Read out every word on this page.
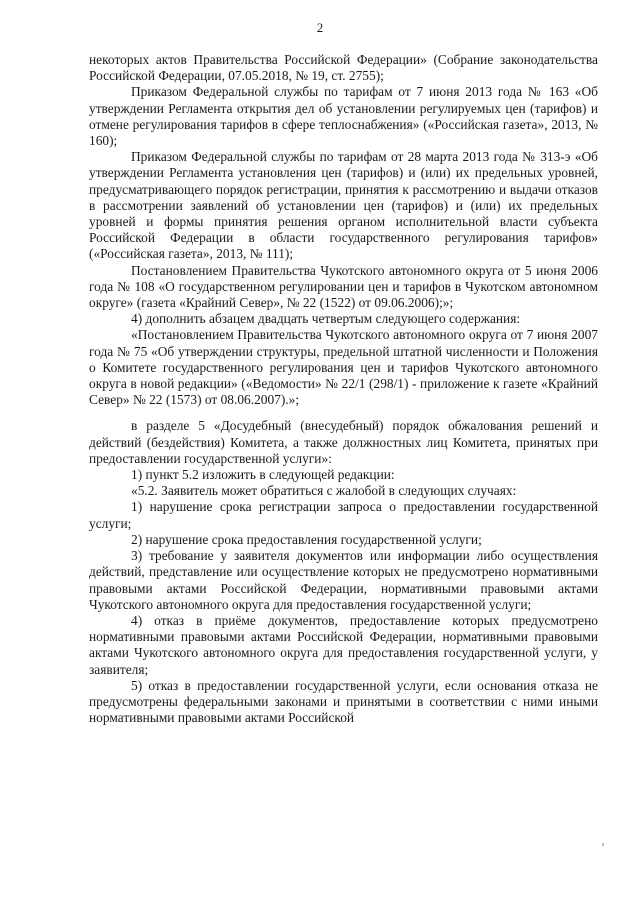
2

некоторых актов Правительства Российской Федерации» (Собрание законодательства Российской Федерации, 07.05.2018, № 19, ст. 2755);

Приказом Федеральной службы по тарифам от 7 июня 2013 года № 163 «Об утверждении Регламента открытия дел об установлении регулируемых цен (тарифов) и отмене регулирования тарифов в сфере теплоснабжения» («Российская газета», 2013, № 160);

Приказом Федеральной службы по тарифам от 28 марта 2013 года № 313-э «Об утверждении Регламента установления цен (тарифов) и (или) их предельных уровней, предусматривающего порядок регистрации, принятия к рассмотрению и выдачи отказов в рассмотрении заявлений об установлении цен (тарифов) и (или) их предельных уровней и формы принятия решения органом исполнительной власти субъекта Российской Федерации в области государственного регулирования тарифов» («Российская газета», 2013, № 111);

Постановлением Правительства Чукотского автономного округа от 5 июня 2006 года № 108 «О государственном регулировании цен и тарифов в Чукотском автономном округе» (газета «Крайний Север», № 22 (1522) от 09.06.2006);»;

4) дополнить абзацем двадцать четвертым следующего содержания:

«Постановлением Правительства Чукотского автономного округа от 7 июня 2007 года № 75 «Об утверждении структуры, предельной штатной численности и Положения о Комитете государственного регулирования цен и тарифов Чукотского автономного округа в новой редакции» («Ведомости» № 22/1 (298/1) - приложение к газете «Крайний Север» № 22 (1573) от 08.06.2007).»;

в разделе 5 «Досудебный (внесудебный) порядок обжалования решений и действий (бездействия) Комитета, а также должностных лиц Комитета, принятых при предоставлении государственной услуги»:

1) пункт 5.2 изложить в следующей редакции:

«5.2. Заявитель может обратиться с жалобой в следующих случаях:

1) нарушение срока регистрации запроса о предоставлении государственной услуги;

2) нарушение срока предоставления государственной услуги;

3) требование у заявителя документов или информации либо осуществления действий, представление или осуществление которых не предусмотрено нормативными правовыми актами Российской Федерации, нормативными правовыми актами Чукотского автономного округа для предоставления государственной услуги;

4) отказ в приёме документов, предоставление которых предусмотрено нормативными правовыми актами Российской Федерации, нормативными правовыми актами Чукотского автономного округа для предоставления государственной услуги, у заявителя;

5) отказ в предоставлении государственной услуги, если основания отказа не предусмотрены федеральными законами и принятыми в соответствии с ними иными нормативными правовыми актами Российской
